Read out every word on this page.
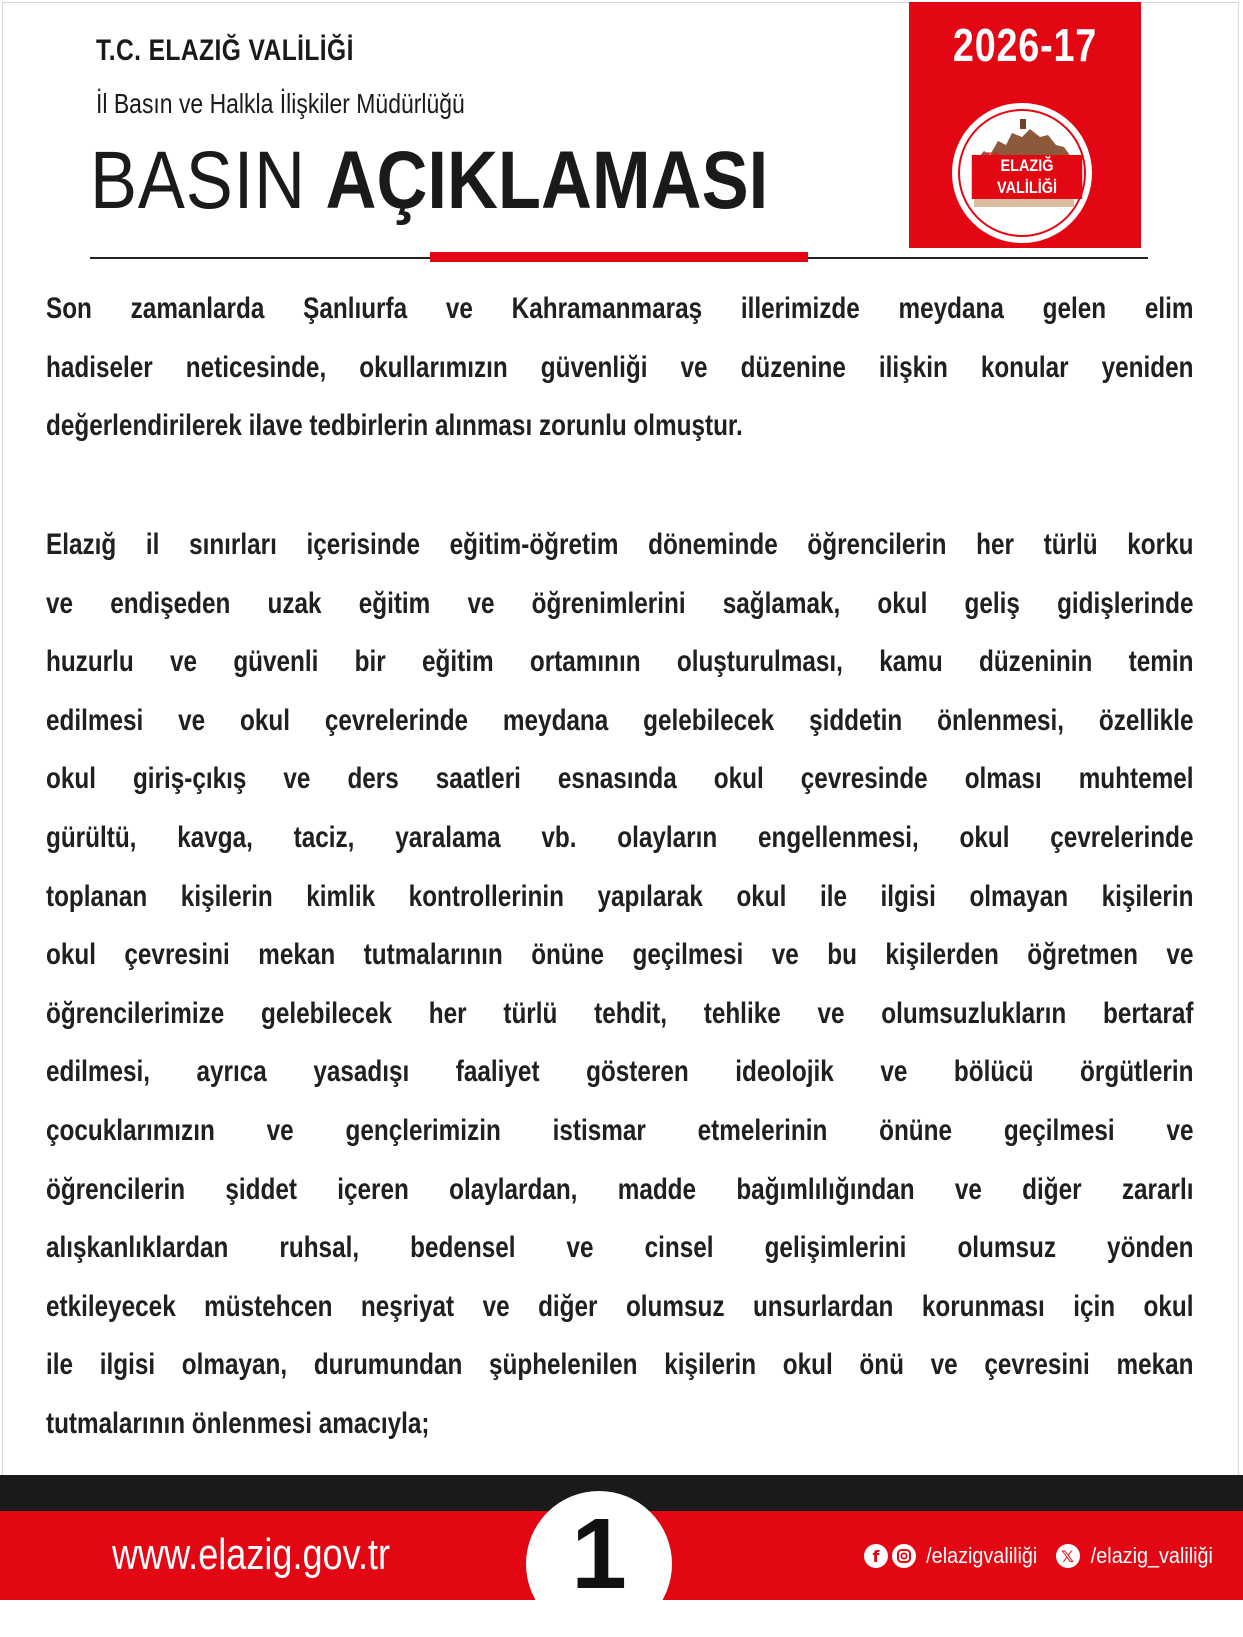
T.C. ELAZIĞ VALİLİĞİ
İl Basın ve Halkla İlişkiler Müdürlüğü
BASIN AÇIKLAMASI
2026-17
ELAZIĞ VALİLİĞİ
Son zamanlarda Şanlıurfa ve Kahramanmaraş illerimizde meydana gelen elim
hadiseler neticesinde, okullarımızın güvenliği ve düzenine ilişkin konular yeniden
değerlendirilerek ilave tedbirlerin alınması zorunlu olmuştur.
Elazığ il sınırları içerisinde eğitim-öğretim döneminde öğrencilerin her türlü korku
ve endişeden uzak eğitim ve öğrenimlerini sağlamak, okul geliş gidişlerinde
huzurlu ve güvenli bir eğitim ortamının oluşturulması, kamu düzeninin temin
edilmesi ve okul çevrelerinde meydana gelebilecek şiddetin önlenmesi, özellikle
okul giriş-çıkış ve ders saatleri esnasında okul çevresinde olması muhtemel
gürültü, kavga, taciz, yaralama vb. olayların engellenmesi, okul çevrelerinde
toplanan kişilerin kimlik kontrollerinin yapılarak okul ile ilgisi olmayan kişilerin
okul çevresini mekan tutmalarının önüne geçilmesi ve bu kişilerden öğretmen ve
öğrencilerimize gelebilecek her türlü tehdit, tehlike ve olumsuzlukların bertaraf
edilmesi, ayrıca yasadışı faaliyet gösteren ideolojik ve bölücü örgütlerin
çocuklarımızın ve gençlerimizin istismar etmelerinin önüne geçilmesi ve
öğrencilerin şiddet içeren olaylardan, madde bağımlılığından ve diğer zararlı
alışkanlıklardan ruhsal, bedensel ve cinsel gelişimlerini olumsuz yönden
etkileyecek müstehcen neşriyat ve diğer olumsuz unsurlardan korunması için okul
ile ilgisi olmayan, durumundan şüphelenilen kişilerin okul önü ve çevresini mekan
tutmalarının önlenmesi amacıyla;
www.elazig.gov.tr	1	f	/elazigvaliliği	𝕏 /elazig_valiliği
